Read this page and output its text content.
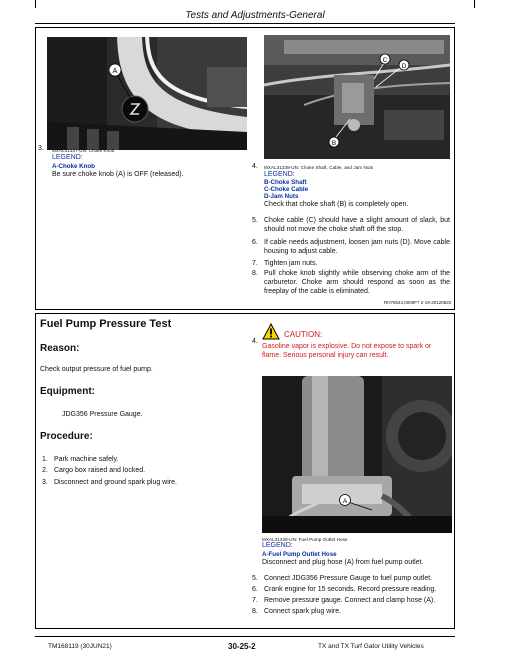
Tests and Adjustments-General
A
C
D
B
3. MXAL31337-UN: Choke Knob
LEGEND:
A-Choke Knob
Be sure choke knob (A) is OFF (released).
4. MXAL31338-UN: Choke Shaft, Cable, and Jam Nuts
LEGEND:
B-Choke Shaft
C-Choke Cable
D-Jam Nuts
Check that choke shaft (B) is completely open.
5. Choke cable (C) should have a slight amount of slack, but should not move the choke shaft off the stop.
6. If cable needs adjustment, loosen jam nuts (D). Move cable housing to adjust cable.
7. Tighten jam nuts.
8. Pull choke knob slightly while observing choke arm of the carburetor. Choke arm should respond as soon as the freeplay of the cable is eliminated.
RH75544,0000F7 2-19-20120822
Fuel Pump Pressure Test
Reason:
Check output pressure of fuel pump.
Equipment:
JDG356 Pressure Gauge.
Procedure:
1. Park machine safely.
2. Cargo box raised and locked.
3. Disconnect and ground spark plug wire.
4.
CAUTION:
Gasoline vapor is explosive. Do not expose to spark or flame. Serious personal injury can result.
A
MXAL31339-UN: Fuel Pump Outlet Hose
LEGEND:
A-Fuel Pump Outlet Hose
Disconnect and plug hose (A) from fuel pump outlet.
5. Connect JDG356 Pressure Gauge to fuel pump outlet.
6. Crank engine for 15 seconds. Record pressure reading.
7. Remove pressure gauge. Connect and clamp hose (A).
8. Connect spark plug wire.
TM168119 (30JUN21)	30-25-2	TX and TX Turf Gator Utility Vehicles
